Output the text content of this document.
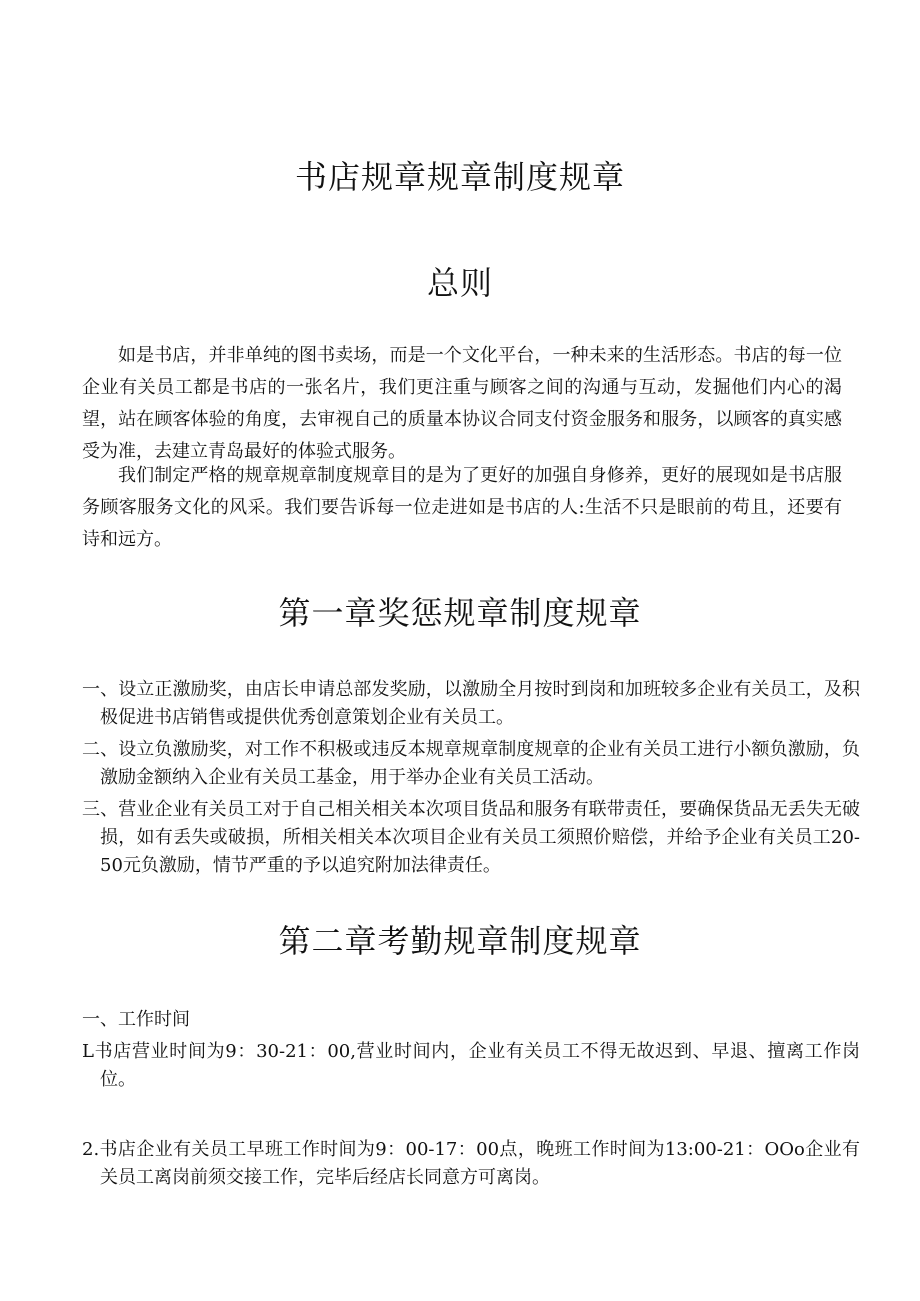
书店规章规章制度规章
总则

如是书店，并非单纯的图书卖场，而是一个文化平台，一种未来的生活形态。书店的每一位企业有关员工都是书店的一张名片，我们更注重与顾客之间的沟通与互动，发掘他们内心的渴望，站在顾客体验的角度，去审视自己的质量本协议合同支付资金服务和服务，以顾客的真实感受为准，去建立青岛最好的体验式服务。

我们制定严格的规章规章制度规章目的是为了更好的加强自身修养，更好的展现如是书店服务顾客服务文化的风采。我们要告诉每一位走进如是书店的人:生活不只是眼前的苟且，还要有诗和远方。

第一章奖惩规章制度规章

一、设立正激励奖，由店长申请总部发奖励，以激励全月按时到岗和加班较多企业有关员工，及积极促进书店销售或提供优秀创意策划企业有关员工。

二、设立负激励奖，对工作不积极或违反本规章规章制度规章的企业有关员工进行小额负激励，负激励金额纳入企业有关员工基金，用于举办企业有关员工活动。

三、营业企业有关员工对于自己相关相关本次项目货品和服务有联带责任，要确保货品无丢失无破损，如有丢失或破损，所相关相关本次项目企业有关员工须照价赔偿，并给予企业有关员工20-50元负激励，情节严重的予以追究附加法律责任。

第二章考勤规章制度规章

一、工作时间

L书店营业时间为9：30-21：00,营业时间内，企业有关员工不得无故迟到、早退、擅离工作岗位。

2.书店企业有关员工早班工作时间为9：00-17：00点，晚班工作时间为13:00-21：OOo企业有关员工离岗前须交接工作，完毕后经店长同意方可离岗。
